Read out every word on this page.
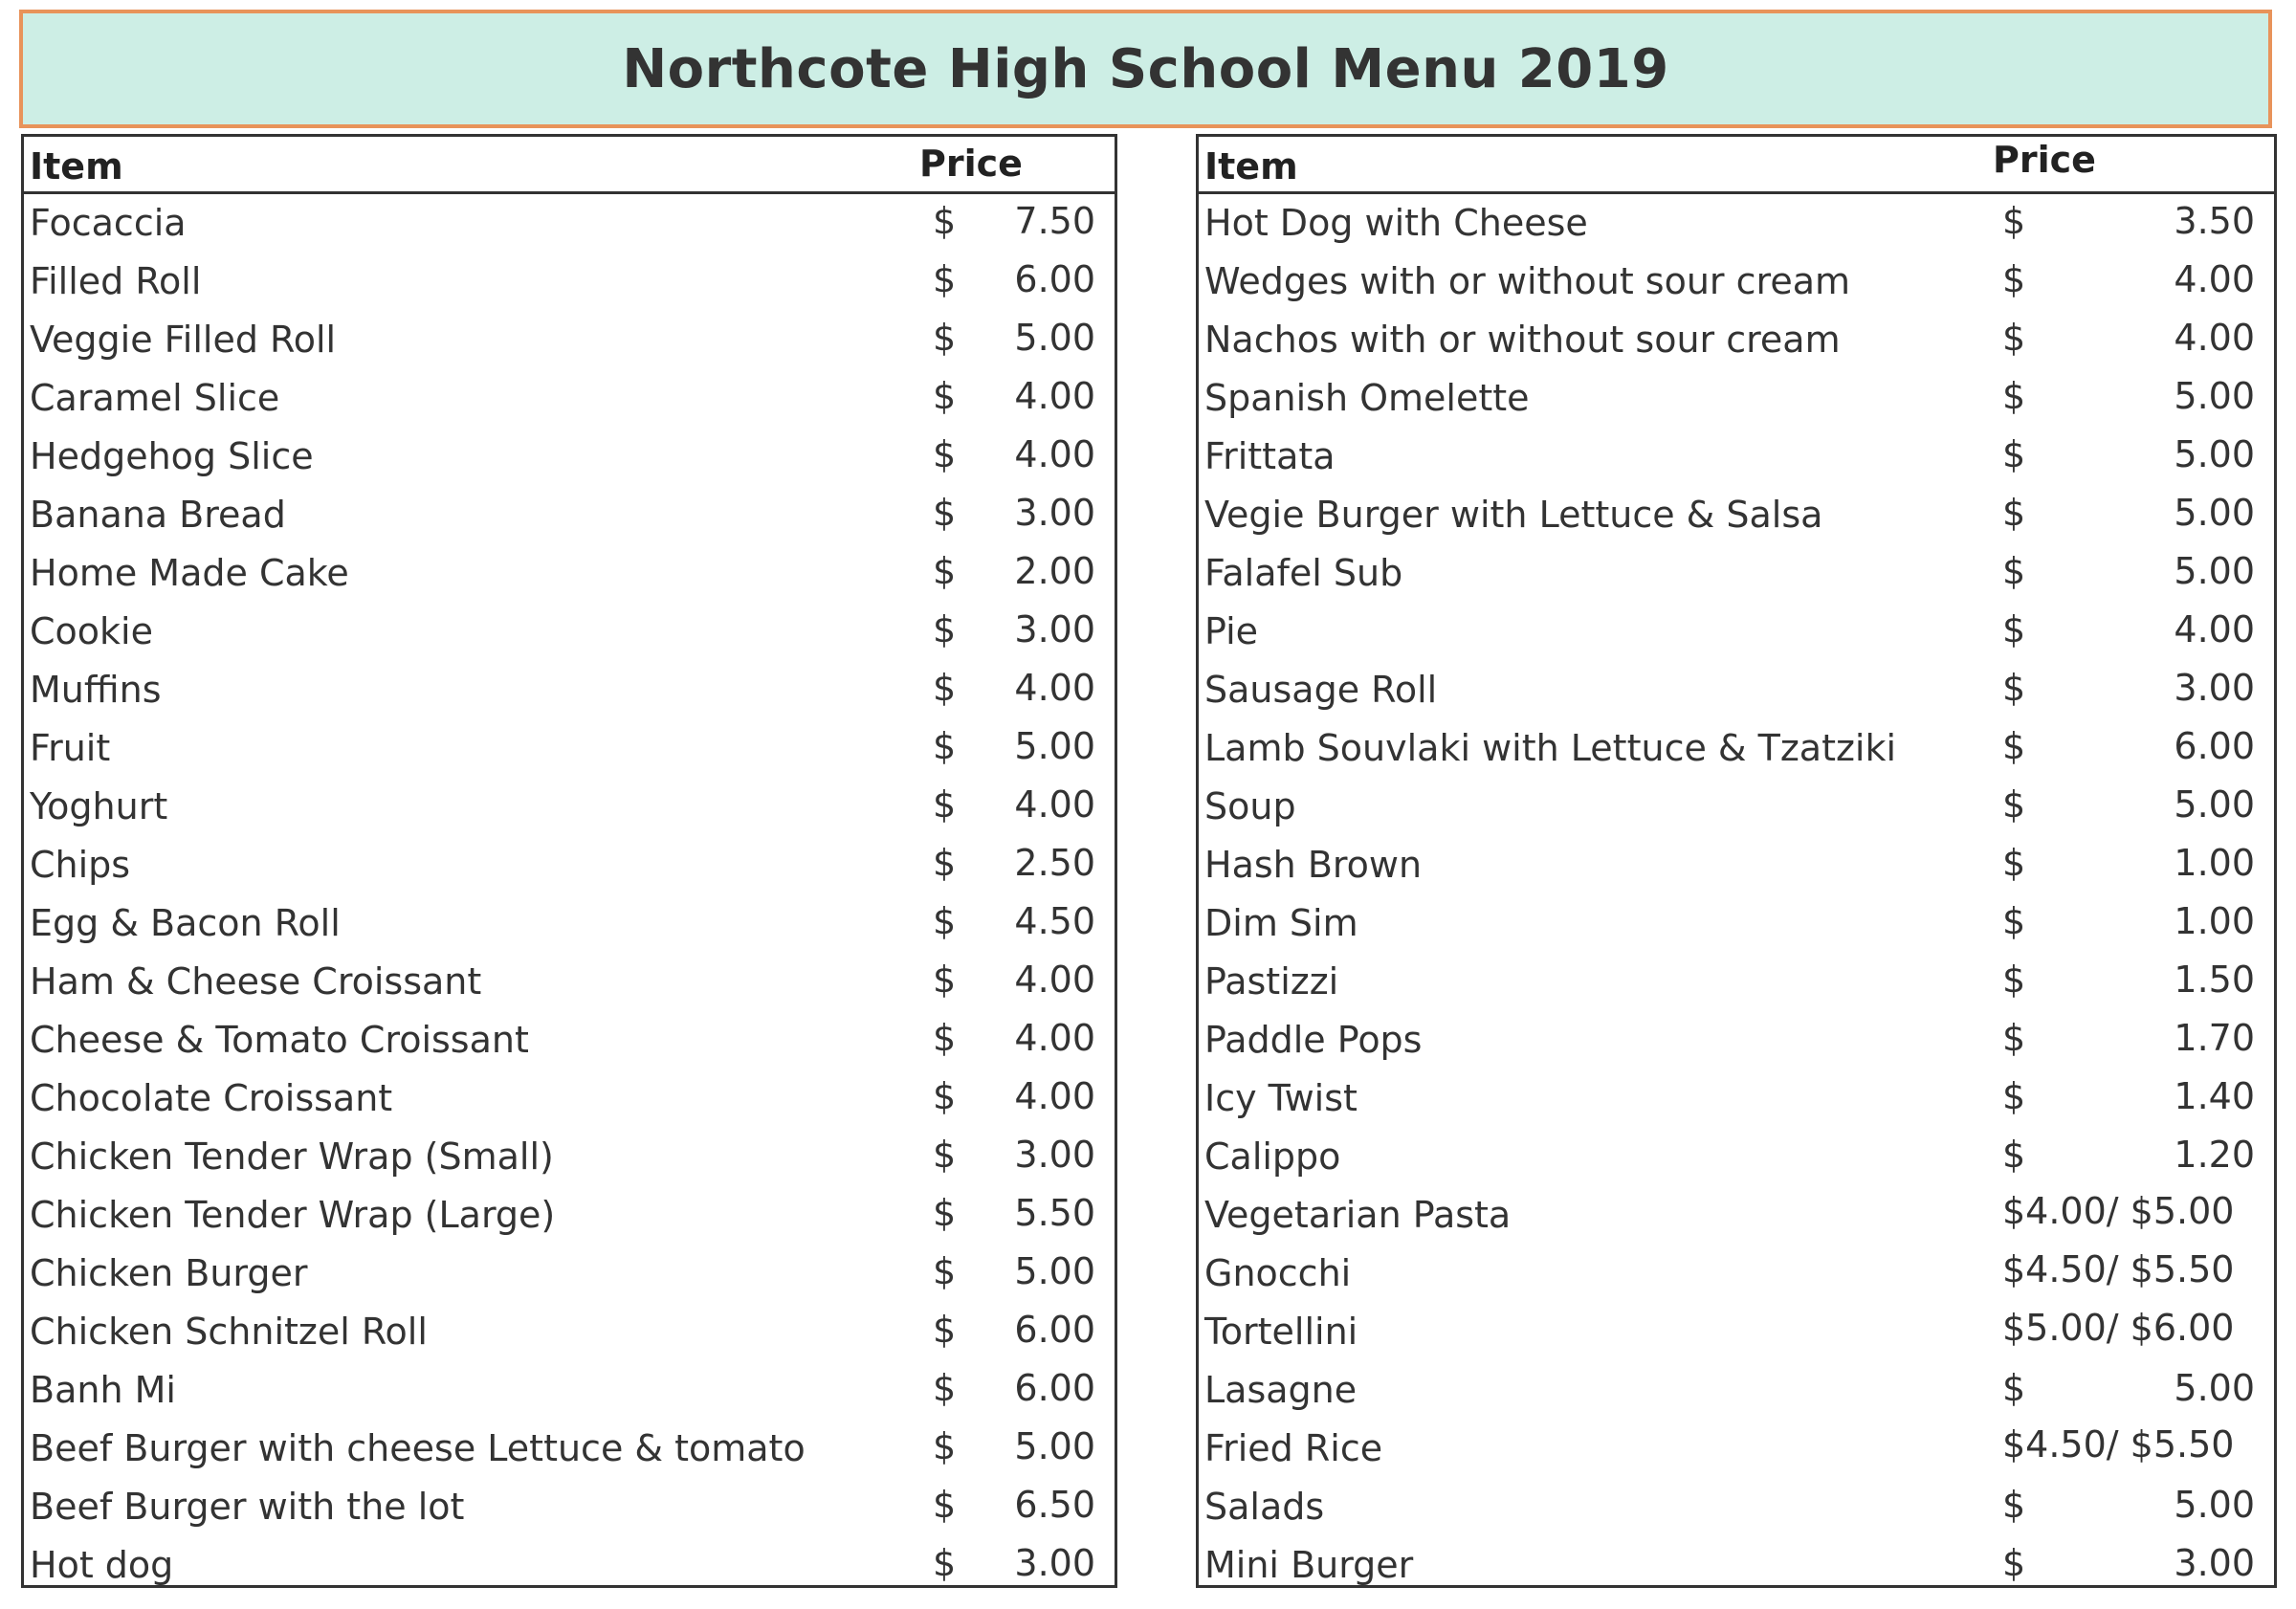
Northcote High School Menu 2019
Item	Price
Focaccia	$ 7.50
Filled Roll	$ 6.00
Veggie Filled Roll	$ 5.00
Caramel Slice	$ 4.00
Hedgehog Slice	$ 4.00
Banana Bread	$ 3.00
Home Made Cake	$ 2.00
Cookie	$ 3.00
Muffins	$ 4.00
Fruit	$ 5.00
Yoghurt	$ 4.00
Chips	$ 2.50
Egg & Bacon Roll	$ 4.50
Ham & Cheese Croissant	$ 4.00
Cheese & Tomato Croissant	$ 4.00
Chocolate Croissant	$ 4.00
Chicken Tender Wrap (Small)	$ 3.00
Chicken Tender Wrap (Large)	$ 5.50
Chicken Burger	$ 5.00
Chicken Schnitzel Roll	$ 6.00
Banh Mi	$ 6.00
Beef Burger with cheese Lettuce & tomato	$ 5.00
Beef Burger with the lot	$ 6.50
Hot dog	$ 3.00
Item	Price
Hot Dog with Cheese	$	3.50
Wedges with or without sour cream	$	4.00
Nachos with or without sour cream	$	4.00
Spanish Omelette	$	5.00
Frittata	$	5.00
Vegie Burger with Lettuce & Salsa	$	5.00
Falafel Sub	$	5.00
Pie	$	4.00
Sausage Roll	$	3.00
Lamb Souvlaki with Lettuce & Tzatziki	$	6.00
Soup	$	5.00
Hash Brown	$	1.00
Dim Sim	$	1.00
Pastizzi	$	1.50
Paddle Pops	$	1.70
Icy Twist	$	1.40
Calippo	$	1.20
Vegetarian Pasta	$4.00/ $5.00
Gnocchi	$4.50/ $5.50
Tortellini	$5.00/ $6.00
Lasagne	$	5.00
Fried Rice	$4.50/ $5.50
Salads	$	5.00
Mini Burger	$	3.00
